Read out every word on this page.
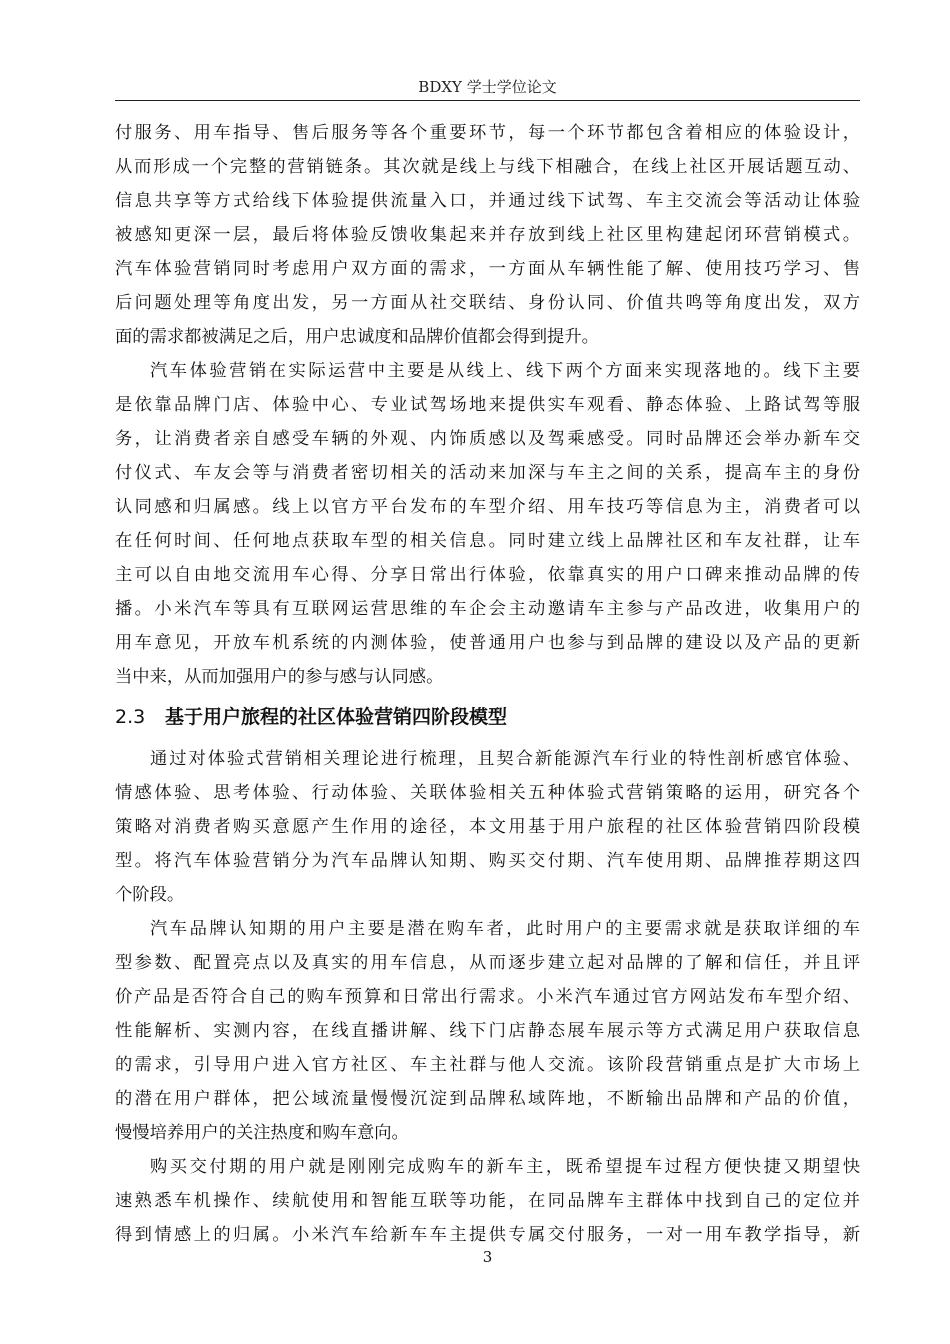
BDXY 学士学位论文
付服务、用车指导、售后服务等各个重要环节，每一个环节都包含着相应的体验设计，
从而形成一个完整的营销链条。其次就是线上与线下相融合，在线上社区开展话题互动、
信息共享等方式给线下体验提供流量入口，并通过线下试驾、车主交流会等活动让体验
被感知更深一层，最后将体验反馈收集起来并存放到线上社区里构建起闭环营销模式。
汽车体验营销同时考虑用户双方面的需求，一方面从车辆性能了解、使用技巧学习、售
后问题处理等角度出发，另一方面从社交联结、身份认同、价值共鸣等角度出发，双方
面的需求都被满足之后，用户忠诚度和品牌价值都会得到提升。
汽车体验营销在实际运营中主要是从线上、线下两个方面来实现落地的。线下主要
是依靠品牌门店、体验中心、专业试驾场地来提供实车观看、静态体验、上路试驾等服
务，让消费者亲自感受车辆的外观、内饰质感以及驾乘感受。同时品牌还会举办新车交
付仪式、车友会等与消费者密切相关的活动来加深与车主之间的关系，提高车主的身份
认同感和归属感。线上以官方平台发布的车型介绍、用车技巧等信息为主，消费者可以
在任何时间、任何地点获取车型的相关信息。同时建立线上品牌社区和车友社群，让车
主可以自由地交流用车心得、分享日常出行体验，依靠真实的用户口碑来推动品牌的传
播。小米汽车等具有互联网运营思维的车企会主动邀请车主参与产品改进，收集用户的
用车意见，开放车机系统的内测体验，使普通用户也参与到品牌的建设以及产品的更新
当中来，从而加强用户的参与感与认同感。
2.3 基于用户旅程的社区体验营销四阶段模型
通过对体验式营销相关理论进行梳理，且契合新能源汽车行业的特性剖析感官体验、
情感体验、思考体验、行动体验、关联体验相关五种体验式营销策略的运用，研究各个
策略对消费者购买意愿产生作用的途径，本文用基于用户旅程的社区体验营销四阶段模
型。将汽车体验营销分为汽车品牌认知期、购买交付期、汽车使用期、品牌推荐期这四
个阶段。
汽车品牌认知期的用户主要是潜在购车者，此时用户的主要需求就是获取详细的车
型参数、配置亮点以及真实的用车信息，从而逐步建立起对品牌的了解和信任，并且评
价产品是否符合自己的购车预算和日常出行需求。小米汽车通过官方网站发布车型介绍、
性能解析、实测内容，在线直播讲解、线下门店静态展车展示等方式满足用户获取信息
的需求，引导用户进入官方社区、车主社群与他人交流。该阶段营销重点是扩大市场上
的潜在用户群体，把公域流量慢慢沉淀到品牌私域阵地，不断输出品牌和产品的价值，
慢慢培养用户的关注热度和购车意向。
购买交付期的用户就是刚刚完成购车的新车主，既希望提车过程方便快捷又期望快
速熟悉车机操作、续航使用和智能互联等功能，在同品牌车主群体中找到自己的定位并
得到情感上的归属。小米汽车给新车车主提供专属交付服务，一对一用车教学指导，新
3
